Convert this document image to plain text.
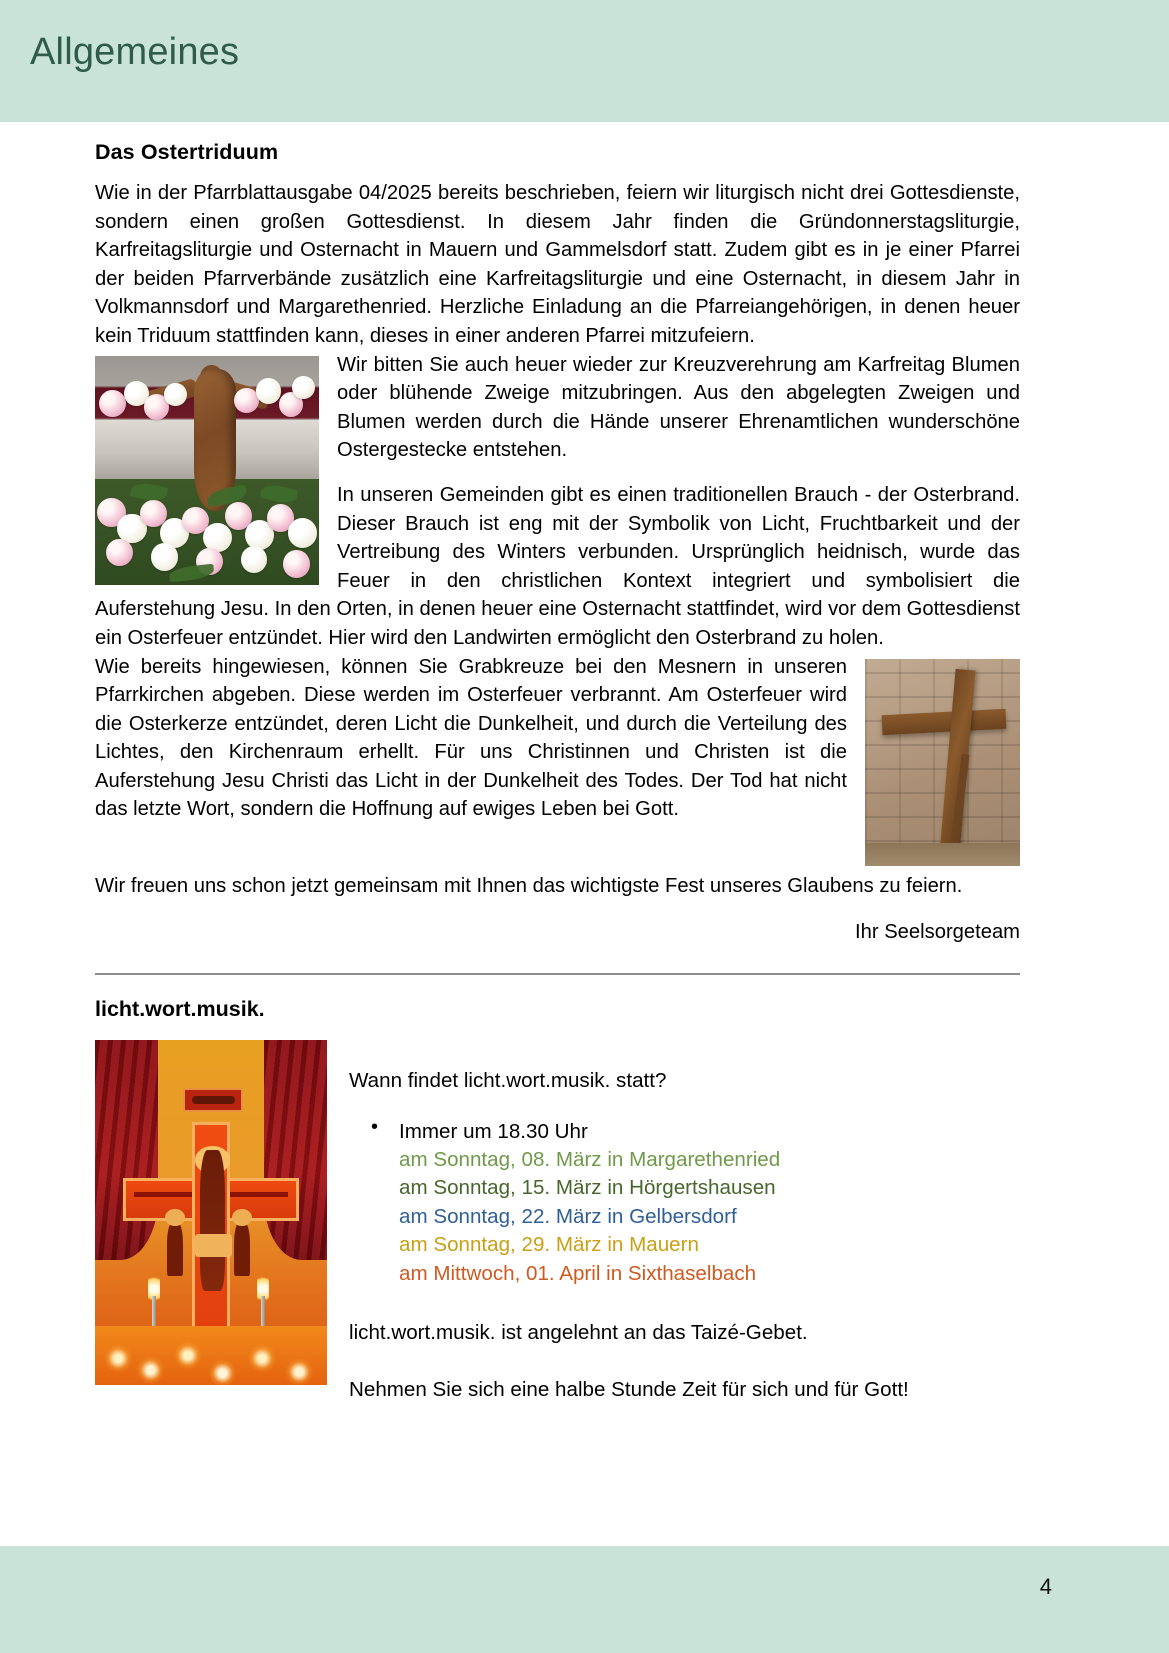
Allgemeines
Das Ostertriduum

Wie in der Pfarrblattausgabe 04/2025 bereits beschrieben, feiern wir liturgisch nicht drei Gottesdienste, sondern einen großen Gottesdienst. In diesem Jahr finden die Gründonnerstagsliturgie, Karfreitagsliturgie und Osternacht in Mauern und Gammelsdorf statt. Zudem gibt es in je einer Pfarrei der beiden Pfarrverbände zusätzlich eine Karfreitagsliturgie und eine Osternacht, in diesem Jahr in Volkmannsdorf und Margarethenried. Herzliche Einladung an die Pfarreiangehörigen, in denen heuer kein Triduum stattfinden kann, dieses in einer anderen Pfarrei mitzufeiern.

Wir bitten Sie auch heuer wieder zur Kreuzverehrung am Karfreitag Blumen oder blühende Zweige mitzubringen. Aus den abgelegten Zweigen und Blumen werden durch die Hände unserer Ehrenamtlichen wunderschöne Ostergestecke entstehen.

In unseren Gemeinden gibt es einen traditionellen Brauch - der Osterbrand. Dieser Brauch ist eng mit der Symbolik von Licht, Fruchtbarkeit und der Vertreibung des Winters verbunden. Ursprünglich heidnisch, wurde das Feuer in den christlichen Kontext integriert und symbolisiert die Auferstehung Jesu. In den Orten, in denen heuer eine Osternacht stattfindet, wird vor dem Gottesdienst ein Osterfeuer entzündet. Hier wird den Landwirten ermöglicht den Osterbrand zu holen.

Wie bereits hingewiesen, können Sie Grabkreuze bei den Mesnern in unseren Pfarrkirchen abgeben. Diese werden im Osterfeuer verbrannt. Am Osterfeuer wird die Osterkerze entzündet, deren Licht die Dunkelheit, und durch die Verteilung des Lichtes, den Kirchenraum erhellt. Für uns Christinnen und Christen ist die Auferstehung Jesu Christi das Licht in der Dunkelheit des Todes. Der Tod hat nicht das letzte Wort, sondern die Hoffnung auf ewiges Leben bei Gott.

Wir freuen uns schon jetzt gemeinsam mit Ihnen das wichtigste Fest unseres Glaubens zu feiern.

Ihr Seelsorgeteam
licht.wort.musik.
Wann findet licht.wort.musik. statt?
• Immer um 18.30 Uhr
am Sonntag, 08. März in Margarethenried
am Sonntag, 15. März in Hörgertshausen
am Sonntag, 22. März in Gelbersdorf
am Sonntag, 29. März in Mauern
am Mittwoch, 01. April in Sixthaselbach
licht.wort.musik. ist angelehnt an das Taizé-Gebet.
Nehmen Sie sich eine halbe Stunde Zeit für sich und für Gott!
4
